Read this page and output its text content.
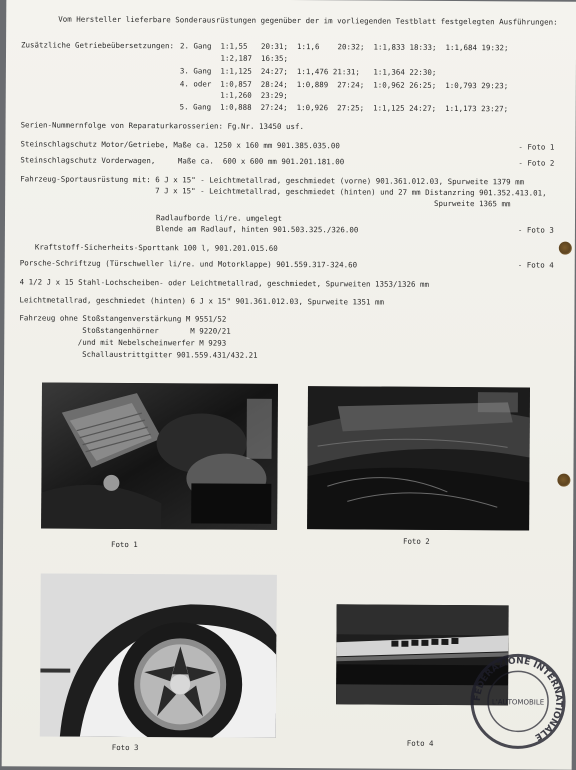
Vom Hersteller lieferbare Sonderausrüstungen gegenüber der im vorliegenden Testblatt festgelegten Ausführungen:
Zusätzliche Getriebeübersetzungen: 2. Gang  1:1,55   20:31;  1:1,6    20:32;  1:1,833 18:33;  1:1,684 19:32;
1:2,187  16:35;
3. Gang  1:1,125  24:27;  1:1,476 21:31;   1:1,364 22:30;
4. oder  1:0,857  28:24;  1:0,889  27:24;  1:0,962 26:25;  1:0,793 29:23;
1:1,260  23:29;
5. Gang  1:0,888  27:24;  1:0,926  27:25;  1:1,125 24:27;  1:1,173 23:27;
Serien-Nummernfolge von Reparaturkarosserien: Fg.Nr. 13450 usf.
Steinschlagschutz Motor/Getriebe, Maße ca. 1250 x 160 mm 901.385.035.00	- Foto 1
Steinschlagschutz Vorderwagen,     Maße ca.  600 x 600 mm 901.201.181.00	- Foto 2
Fahrzeug-Sportausrüstung mit: 6 J x 15" - Leichtmetallrad, geschmiedet (vorne) 901.361.012.03, Spurweite 1379 mm
7 J x 15" - Leichtmetallrad, geschmiedet (hinten) und 27 mm Distanzring 901.352.413.01,
Spurweite 1365 mm
Radlaufborde li/re. umgelegt
Blende am Radlauf, hinten 901.503.325./326.00	- Foto 3
Kraftstoff-Sicherheits-Sporttank 100 l, 901.201.015.60
Porsche-Schriftzug (Türschweller li/re. und Motorklappe) 901.559.317-324.60	- Foto 4
4 1/2 J x 15 Stahl-Lochscheiben- oder Leichtmetallrad, geschmiedet, Spurweiten 1353/1326 mm
Leichtmetallrad, geschmiedet (hinten) 6 J x 15" 901.361.012.03, Spurweite 1351 mm
Fahrzeug ohne Stoßstangenverstärkung M 9551/52
Stoßstangenhörner       M 9220/21
/und mit Nebelscheinwerfer M 9293
Schallaustrittgitter 901.559.431/432.21
Foto 1	Foto 2
Foto 3	Foto 4
FEDERAZIONE INTERNATIONALE
L'AUTOMOBILE
